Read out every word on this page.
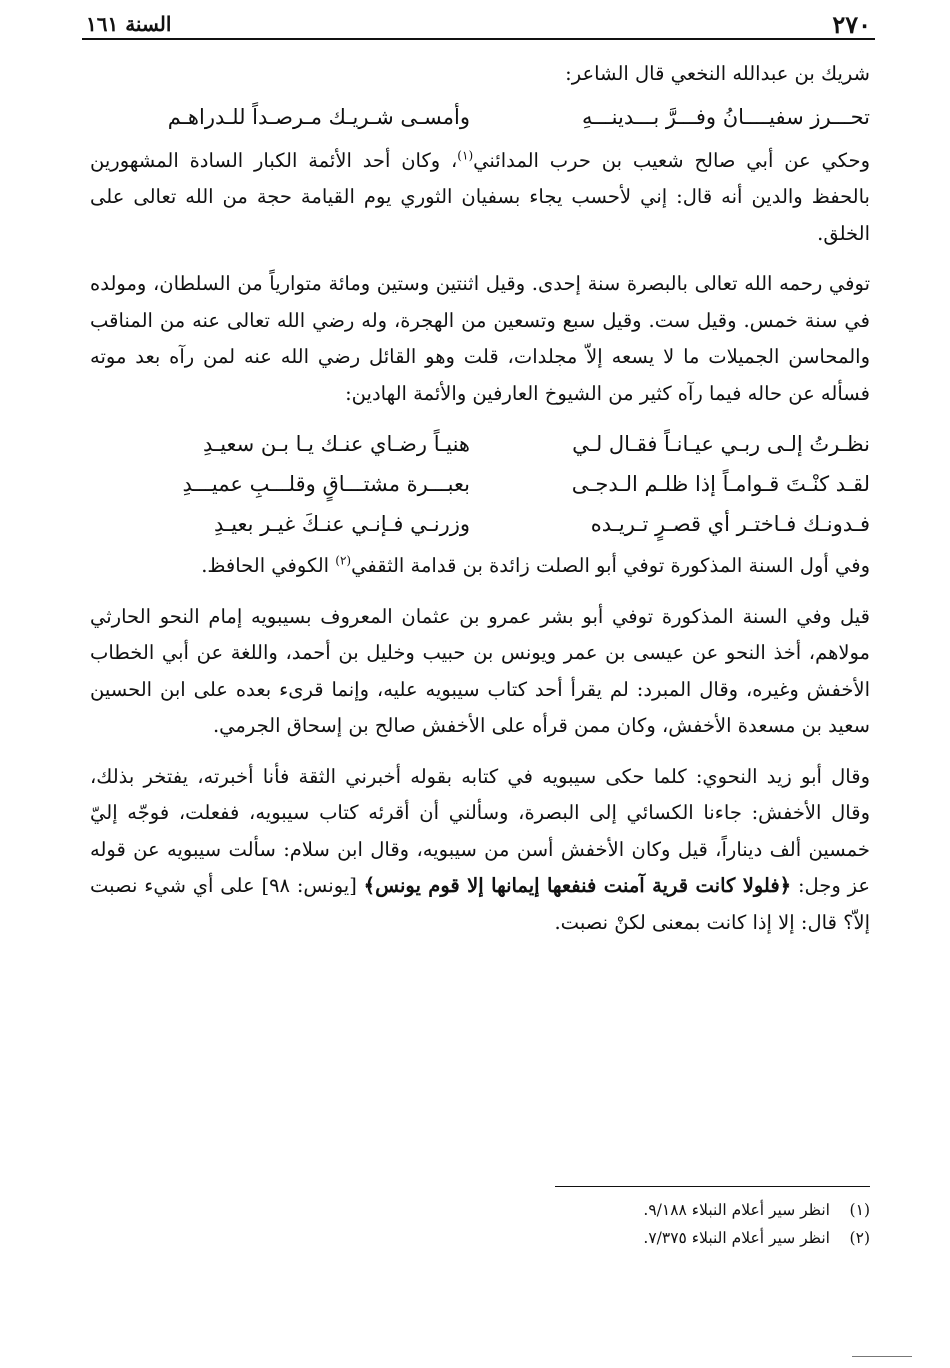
٢٧٠
السنة ١٦١

شريك بن عبدالله النخعي قال الشاعر:

تحـــرز سفيــــانُ وفـــرَّ بـــدينـــهِ
وأمسـى شـريـك مـرصـداً للـدراهـم

وحكي عن أبي صالح شعيب بن حرب المدائني$^{(١)}$، وكان أحد الأئمة الكبار السادة المشهورين بالحفظ والدين أنه قال: إني لأحسب يجاء بسفيان الثوري يوم القيامة حجة من الله تعالى على الخلق.

توفي رحمه الله تعالى بالبصرة سنة إحدى. وقيل اثنتين وستين ومائة متوارياً من السلطان، ومولده في سنة خمس. وقيل ست. وقيل سبع وتسعين من الهجرة، وله رضي الله تعالى عنه من المناقب والمحاسن الجميلات ما لا يسعه إلاّ مجلدات، قلت وهو القائل رضي الله عنه لمن رآه بعد موته فسأله عن حاله فيما رآه كثير من الشيوخ العارفين والأئمة الهادين:

نظـرتُ إلـى ربـي عيـانـاً فقـال لـي
هنيـاً رضـاي عنـك يـا بـن سعيـدِ
لقـد كنْـتَ قـوامـاً إذا ظلـم الـدجـى
بعبـــرة مشتـــاقٍ وقلـــبِ عميـــدِ
فـدونـك فـاختـر أي قصـرٍ تـريـده
وزرنـي فـإنـي عنـكَ غيـر بعيـدِ

وفي أول السنة المذكورة توفي أبو الصلت زائدة بن قدامة الثقفي$^{(٢)}$ الكوفي الحافظ.

قيل وفي السنة المذكورة توفي أبو بشر عمرو بن عثمان المعروف بسيبويه إمام النحو الحارثي مولاهم، أخذ النحو عن عيسى بن عمر ويونس بن حبيب وخليل بن أحمد، واللغة عن أبي الخطاب الأخفش وغيره، وقال المبرد: لم يقرأ أحد كتاب سيبويه عليه، وإنما قرىء بعده على ابن الحسين سعيد بن مسعدة الأخفش، وكان ممن قرأه على الأخفش صالح بن إسحاق الجرمي.

وقال أبو زيد النحوي: كلما حكى سيبويه في كتابه بقوله أخبرني الثقة فأنا أخبرته، يفتخر بذلك، وقال الأخفش: جاءنا الكسائي إلى البصرة، وسألني أن أقرئه كتاب سيبويه، ففعلت، فوجّه إليّ خمسين ألف ديناراً، قيل وكان الأخفش أسن من سيبويه، وقال ابن سلام: سألت سيبويه عن قوله عز وجل: ﴿فلولا كانت قرية آمنت فنفعها إيمانها إلا قوم يونس﴾ [يونس: ٩٨] على أي شيء نصبت إلاّ؟ قال: إلا إذا كانت بمعنى لكنْ نصبت.

(١)انظر سير أعلام النبلاء ٩/١٨٨.
(٢)انظر سير أعلام النبلاء ٧/٣٧٥.
